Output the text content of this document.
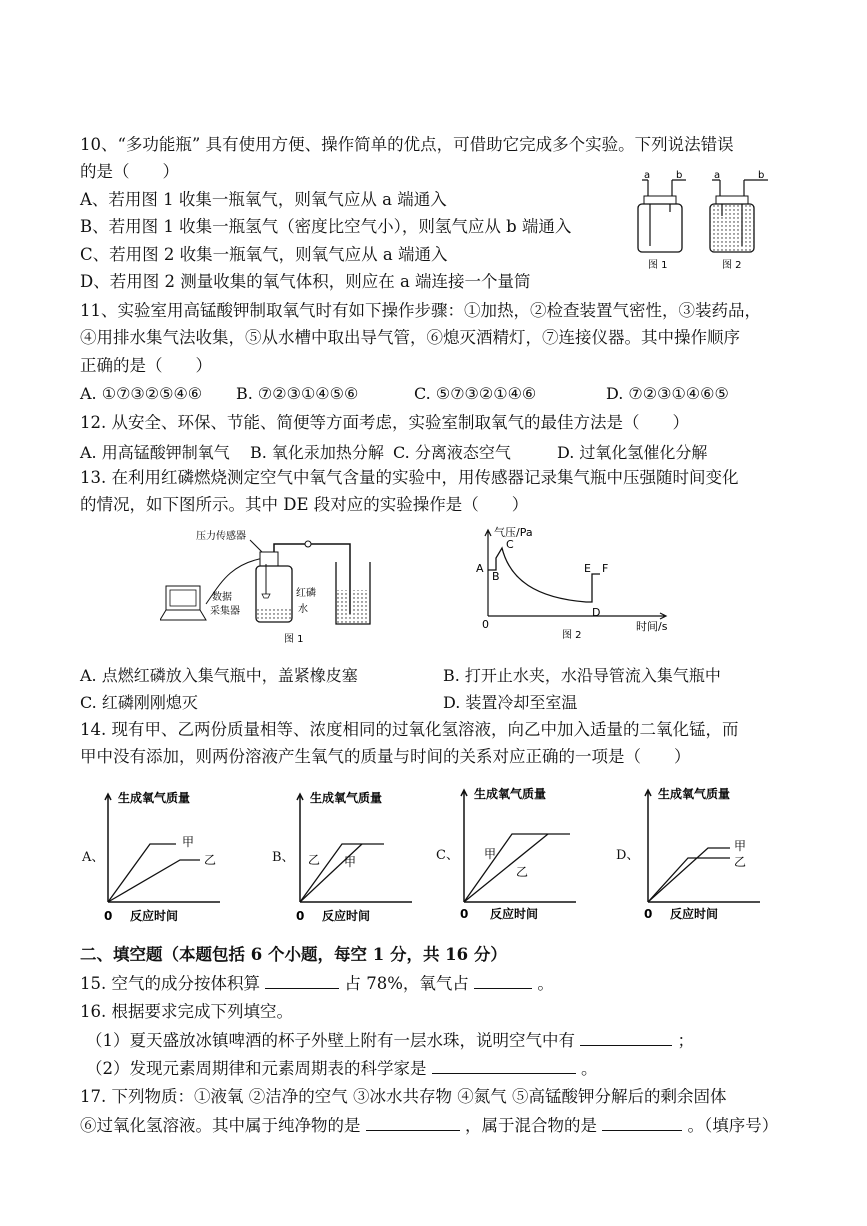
10、“多功能瓶” 具有使用方便、操作简单的优点，可借助它完成多个实验。下列说法错误
的是（　　）
A、若用图 1 收集一瓶氧气，则氧气应从 a 端通入
B、若用图 1 收集一瓶氢气（密度比空气小），则氢气应从 b 端通入
C、若用图 2 收集一瓶氧气，则氧气应从 a 端通入
D、若用图 2 测量收集的氧气体积，则应在 a 端连接一个量筒
a	b
图 1
a	b
图 2
11、实验室用高锰酸钾制取氧气时有如下操作步骤：①加热，②检查装置气密性，③装药品，
④用排水集气法收集，⑤从水槽中取出导气管，⑥熄灭酒精灯，⑦连接仪器。其中操作顺序
正确的是（　　）
A. ①⑦③②⑤④⑥ B. ⑦②③①④⑤⑥	C. ⑤⑦③②①④⑥	D. ⑦②③①④⑥⑤
12. 从安全、环保、节能、简便等方面考虑，实验室制取氧气的最佳方法是（　　）
A. 用高锰酸钾制氧气 B. 氧化汞加热分解 C. 分离液态空气	D. 过氧化氢催化分解
13. 在利用红磷燃烧测定空气中氧气含量的实验中，用传感器记录集气瓶中压强随时间变化
的情况，如下图所示。其中 DE 段对应的实验操作是（　　）
压力传感器
数据
采集器
红磷
水
图 1
气压/Pa
时间/s
0
A
B
C
D
E F
图 2
A. 点燃红磷放入集气瓶中，盖紧橡皮塞	B. 打开止水夹，水沿导管流入集气瓶中
C. 红磷刚刚熄灭	D. 装置冷却至室温
14. 现有甲、乙两份质量相等、浓度相同的过氧化氢溶液，向乙中加入适量的二氧化锰，而
甲中没有添加，则两份溶液产生氧气的质量与时间的关系对应正确的一项是（　　）
A、
生成氧气质量
0 反应时间
甲
乙	B、
生成氧气质量
0 反应时间
乙 甲	C、
生成氧气质量
0 反应时间
甲
乙
D、
生成氧气质量
0 反应时间
甲
乙
二、填空题（本题包括 6 个小题，每空 1 分，共 16 分）
15. 空气的成分按体积算	占 78%，氧气占	。
16. 根据要求完成下列填空。
（1）夏天盛放冰镇啤酒的杯子外壁上附有一层水珠，说明空气中有	；
（2）发现元素周期律和元素周期表的科学家是	。
17. 下列物质：①液氧 ②洁净的空气 ③冰水共存物 ④氮气 ⑤高锰酸钾分解后的剩余固体
⑥过氧化氢溶液。其中属于纯净物的是	，属于混合物的是	。（填序号）
